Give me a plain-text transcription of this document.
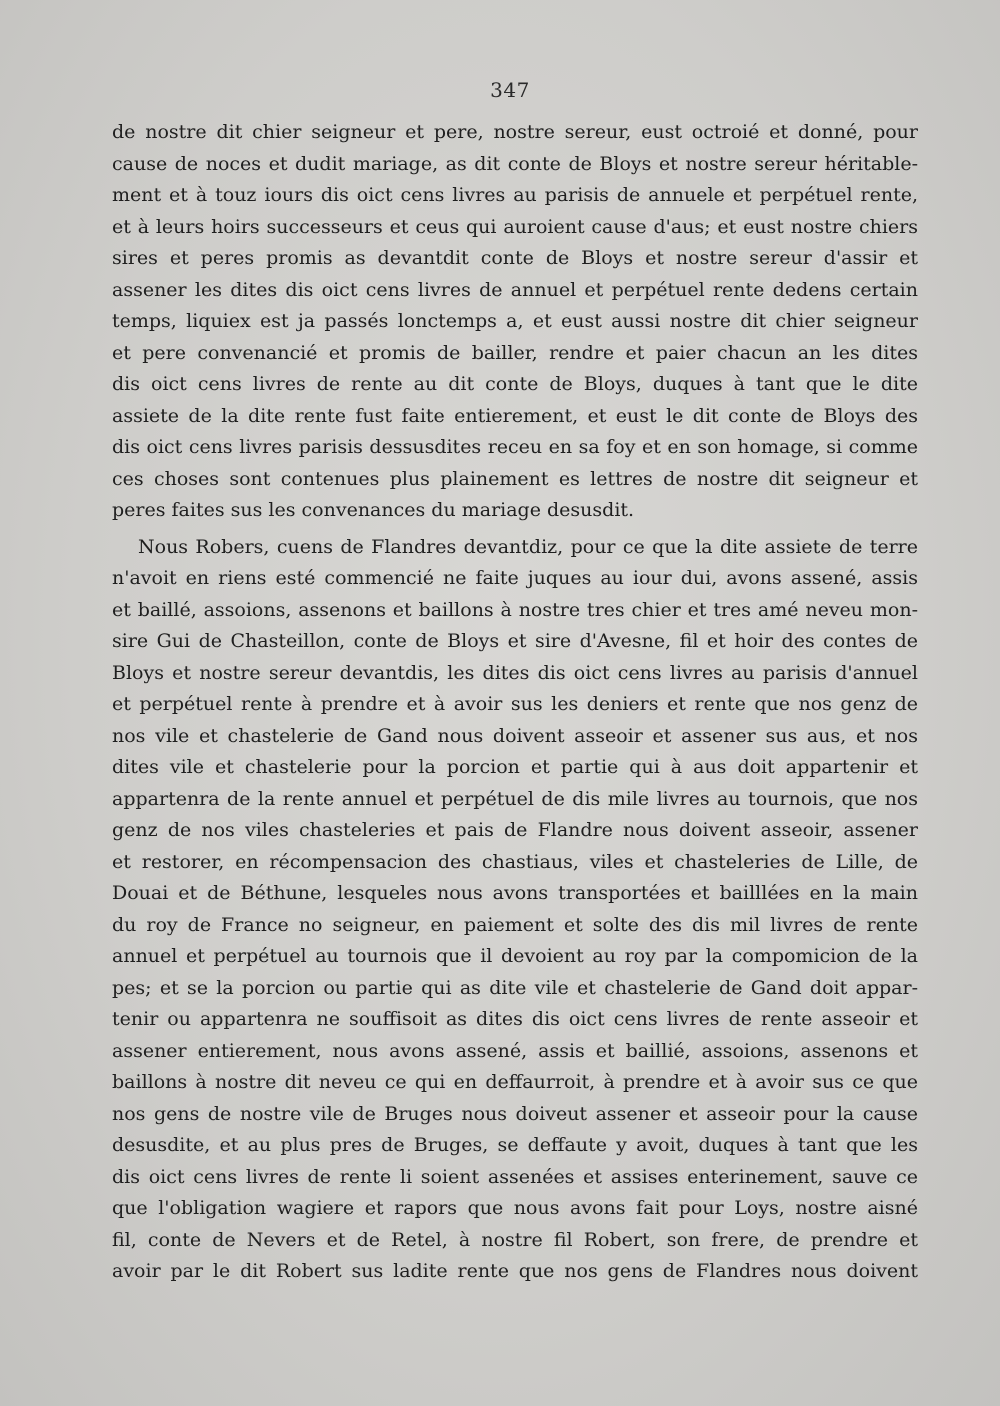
347
de nostre dit chier seigneur et pere, nostre sereur, eust octroié et donné, pour
cause de noces et dudit mariage, as dit conte de Bloys et nostre sereur héritable-
ment et à touz iours dis oict cens livres au parisis de annuele et perpétuel rente,
et à leurs hoirs successeurs et ceus qui auroient cause d'aus; et eust nostre chiers
sires et peres promis as devantdit conte de Bloys et nostre sereur d'assir et
assener les dites dis oict cens livres de annuel et perpétuel rente dedens certain
temps, liquiex est ja passés lonctemps a, et eust aussi nostre dit chier seigneur
et pere convenancié et promis de bailler, rendre et paier chacun an les dites
dis oict cens livres de rente au dit conte de Bloys, duques à tant que le dite
assiete de la dite rente fust faite entierement, et eust le dit conte de Bloys des
dis oict cens livres parisis dessusdites receu en sa foy et en son homage, si comme
ces choses sont contenues plus plainement es lettres de nostre dit seigneur et
peres faites sus les convenances du mariage desusdit.
Nous Robers, cuens de Flandres devantdiz, pour ce que la dite assiete de terre
n'avoit en riens esté commencié ne faite juques au iour dui, avons assené, assis
et baillé, assoions, assenons et baillons à nostre tres chier et tres amé neveu mon-
sire Gui de Chasteillon, conte de Bloys et sire d'Avesne, fil et hoir des contes de
Bloys et nostre sereur devantdis, les dites dis oict cens livres au parisis d'annuel
et perpétuel rente à prendre et à avoir sus les deniers et rente que nos genz de
nos vile et chastelerie de Gand nous doivent asseoir et assener sus aus, et nos
dites vile et chastelerie pour la porcion et partie qui à aus doit appartenir et
appartenra de la rente annuel et perpétuel de dis mile livres au tournois, que nos
genz de nos viles chasteleries et pais de Flandre nous doivent asseoir, assener
et restorer, en récompensacion des chastiaus, viles et chasteleries de Lille, de
Douai et de Béthune, lesqueles nous avons transportées et bailllées en la main
du roy de France no seigneur, en paiement et solte des dis mil livres de rente
annuel et perpétuel au tournois que il devoient au roy par la compomicion de la
pes; et se la porcion ou partie qui as dite vile et chastelerie de Gand doit appar-
tenir ou appartenra ne souffisoit as dites dis oict cens livres de rente asseoir et
assener entierement, nous avons assené, assis et baillié, assoions, assenons et
baillons à nostre dit neveu ce qui en deffaurroit, à prendre et à avoir sus ce que
nos gens de nostre vile de Bruges nous doiveut assener et asseoir pour la cause
desusdite, et au plus pres de Bruges, se deffaute y avoit, duques à tant que les
dis oict cens livres de rente li soient assenées et assises enterinement, sauve ce
que l'obligation wagiere et rapors que nous avons fait pour Loys, nostre aisné
fil, conte de Nevers et de Retel, à nostre fil Robert, son frere, de prendre et
avoir par le dit Robert sus ladite rente que nos gens de Flandres nous doivent
